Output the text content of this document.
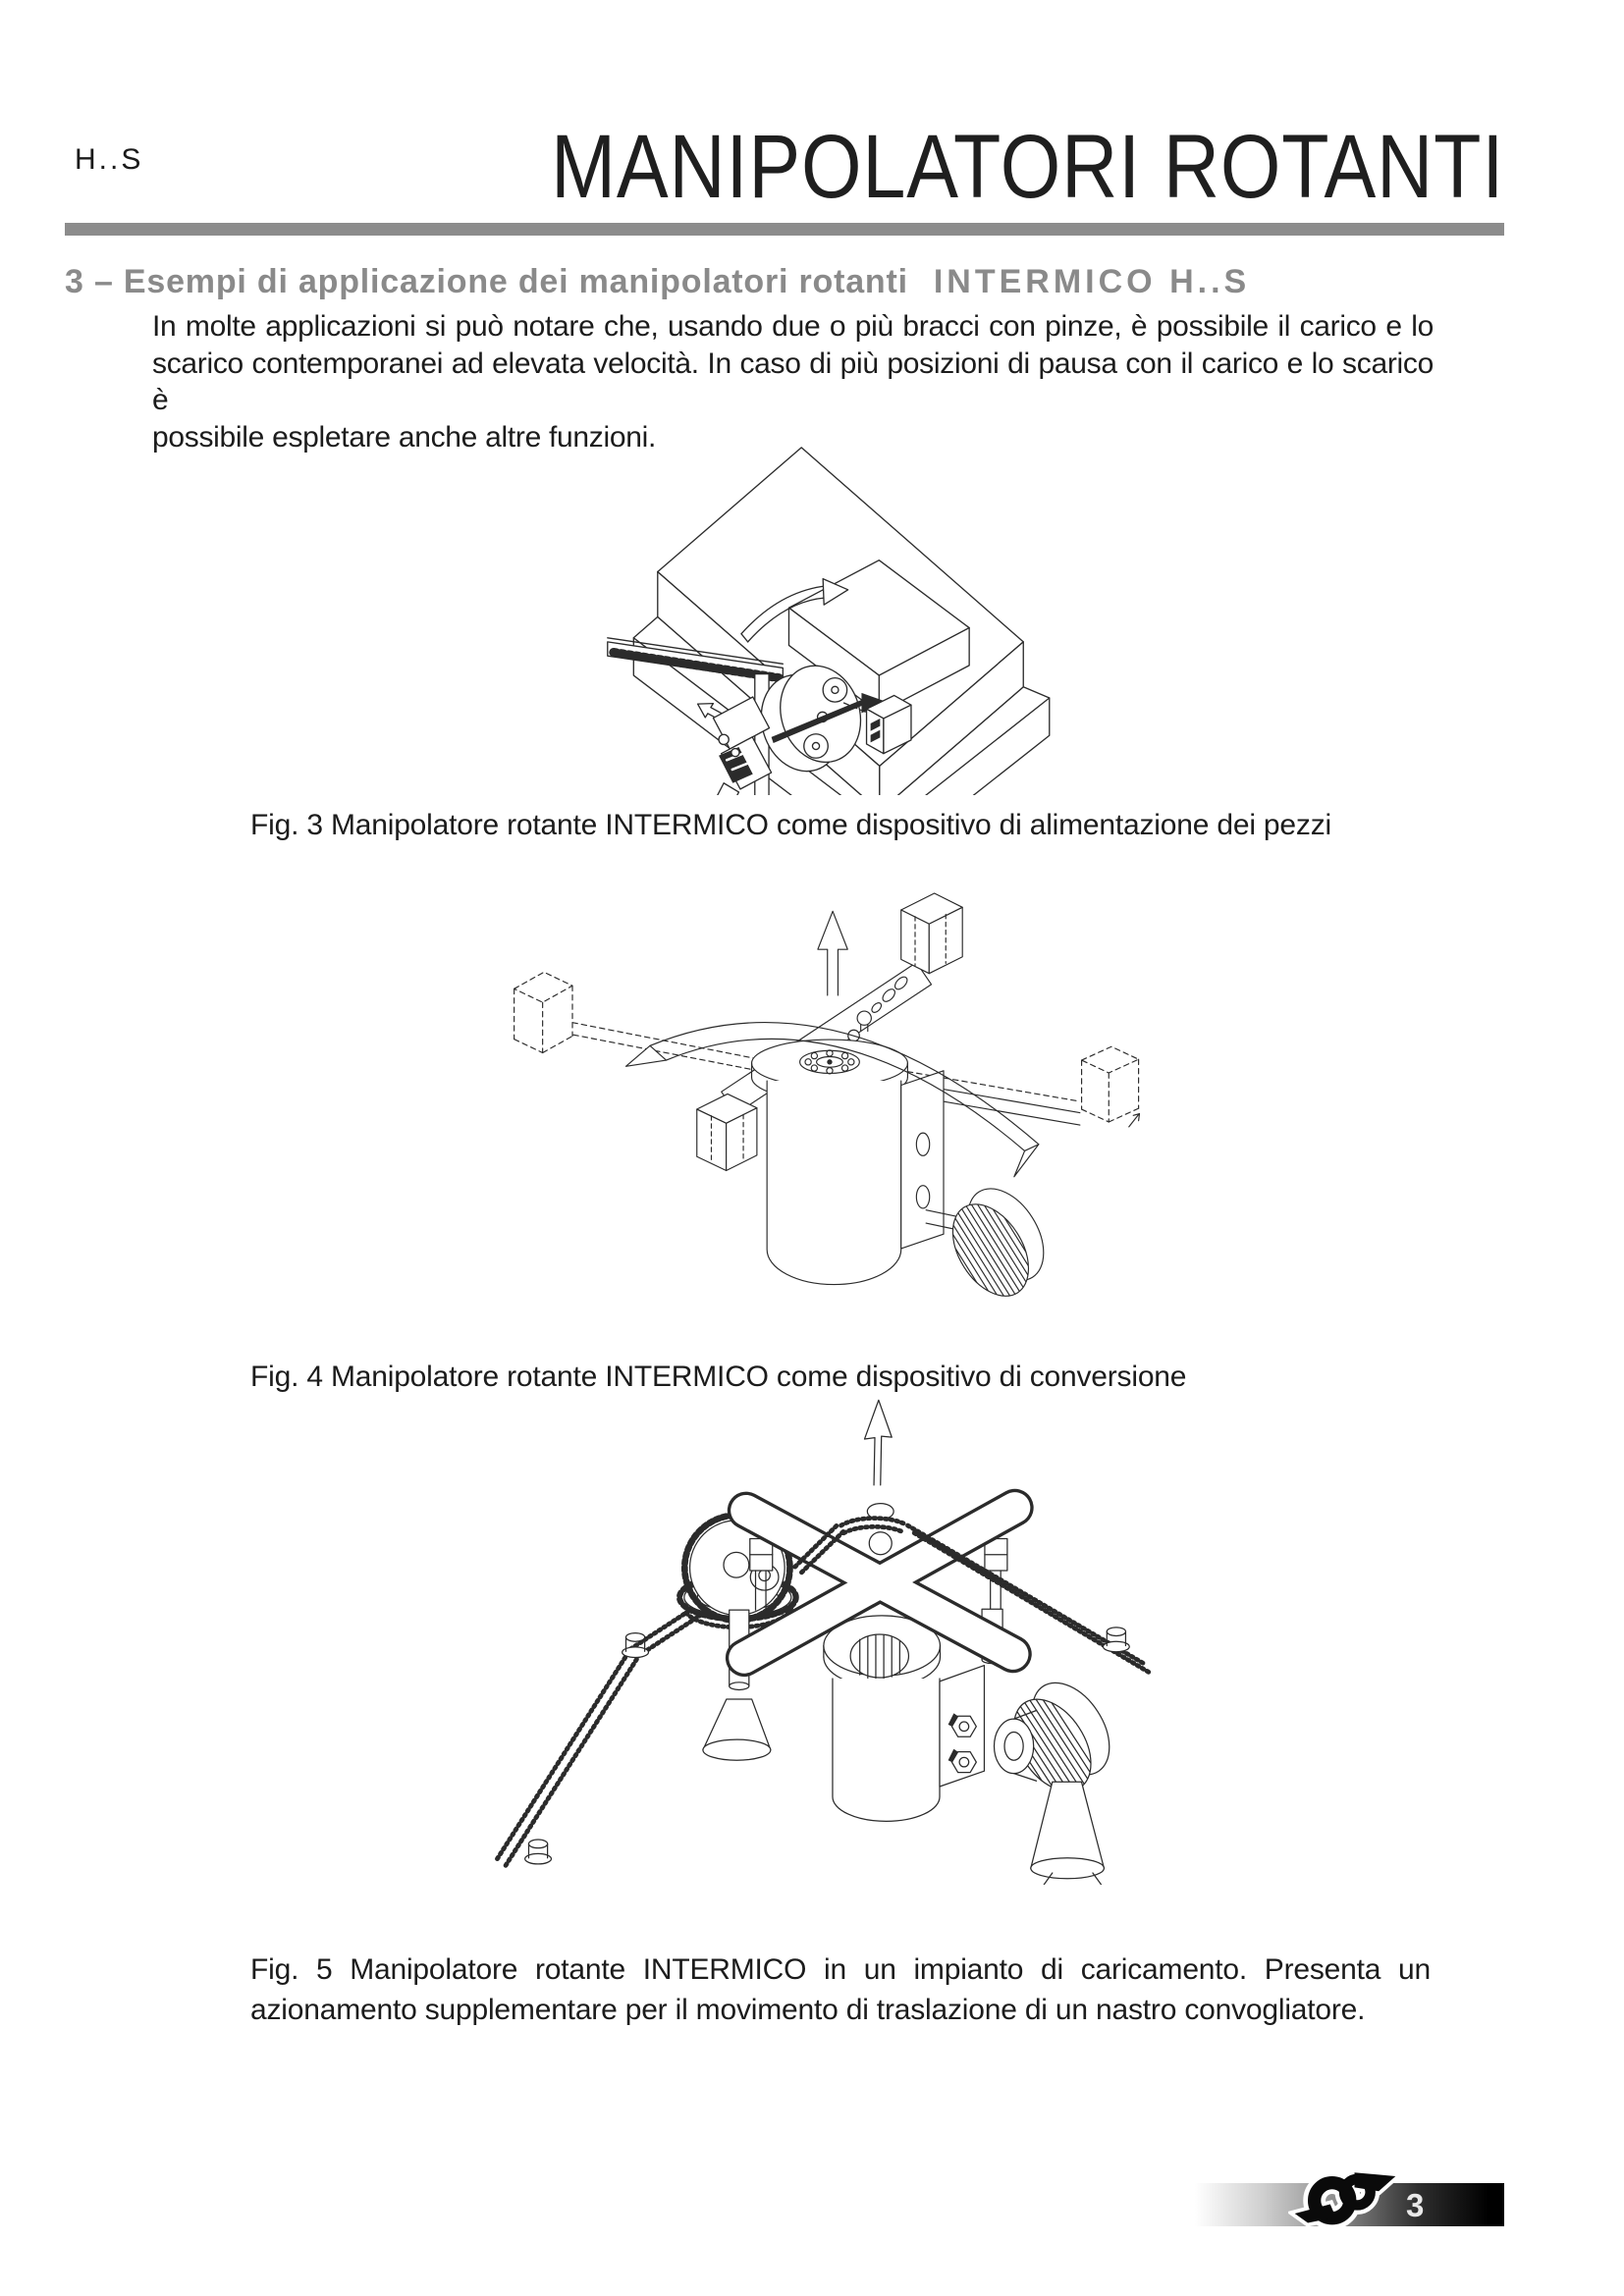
H..S	MANIPOLATORI ROTANTI
3 – Esempi di applicazione dei manipolatori rotanti INTERMICO H..S
In molte applicazioni si può notare che, usando due o più bracci con pinze, è possibile il carico e lo
scarico contemporanei ad elevata velocità. In caso di più posizioni di pausa con il carico e lo scarico è
possibile espletare anche altre funzioni.
Fig. 3 Manipolatore rotante INTERMICO come dispositivo di alimentazione dei pezzi
Fig. 4 Manipolatore rotante INTERMICO come dispositivo di conversione
Fig. 5 Manipolatore rotante INTERMICO in un impianto di caricamento. Presenta un
azionamento supplementare per il movimento di traslazione di un nastro convogliatore.
3
